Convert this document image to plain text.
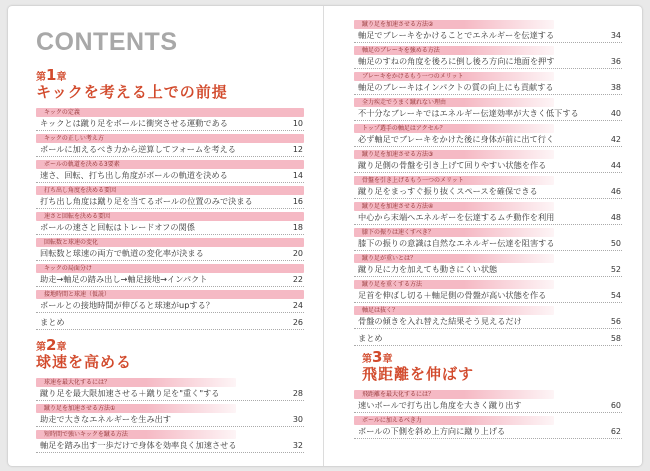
CONTENTS
第1章
キックを考える上での前提
キックの定義
キックとは蹴り足をボールに衝突させる運動である	10
キックの正しい考え方
ボールに加えるべき力から逆算してフォームを考える	12
ボールの軌道を決める3要素
速さ、回転、打ち出し角度がボールの軌道を決める	14
打ち出し角度を決める要因
打ち出し角度は蹴り足を当てるボールの位置のみで決まる	16
速さと回転を決める要因
ボールの速さと回転はトレードオフの関係	18
回転数と球速の変化
回転数と球速の両方で軌道の変化率が決まる	20
キックの局面分け
助走→軸足の踏み出し→軸足接地→インパクト	22
接地時間と球速（仮説）
ボールとの接地時間が伸びると球速がupする？	24
まとめ	26
第2章
球速を高める
球速を最大化するには？
蹴り足を最大限加速させる＋蹴り足を"重く"する	28
蹴り足を加速させる方法①
助走で大きなエネルギーを生み出す	30
短時間で強いキックを蹴る方法
軸足を踏み出す一歩だけで身体を効率良く加速させる	32
蹴り足を加速させる方法②
軸足でブレーキをかけることでエネルギーを伝達する	34
軸足のブレーキを強める方法
軸足のすねの角度を後ろに倒し後ろ方向に地面を押す	36
ブレーキをかけるもう一つのメリット
軸足のブレーキはインパクトの質の向上にも貢献する	38
全力疾走でうまく蹴れない理由
不十分なブレーキではエネルギー伝達効率が大きく低下する	40
トップ選手の軸足はアクセル？
必ず軸足でブレーキをかけた後に身体が前に出て行く	42
蹴り足を加速させる方法③
蹴り足側の骨盤を引き上げて回りやすい状態を作る	44
骨盤を引き上げるもう一つのメリット
蹴り足をまっすぐ振り抜くスペースを確保できる	46
蹴り足を加速させる方法④
中心から末端へエネルギーを伝達するムチ動作を利用	48
膝下の振りは速くすべき？
膝下の振りの意識は自然なエネルギー伝達を阻害する	50
蹴り足が重いとは？
蹴り足に力を加えても動きにくい状態	52
蹴り足を重くする方法
足首を伸ばし切る＋軸足側の骨盤が高い状態を作る	54
軸足は抜く？
骨盤の傾きを入れ替えた結果そう見えるだけ	56
まとめ	58
第3章
飛距離を伸ばす
飛距離を最大化するには？
速いボールで打ち出し角度を大きく蹴り出す	60
ボールに加えるべき力
ボールの下側を斜め上方向に蹴り上げる	62
